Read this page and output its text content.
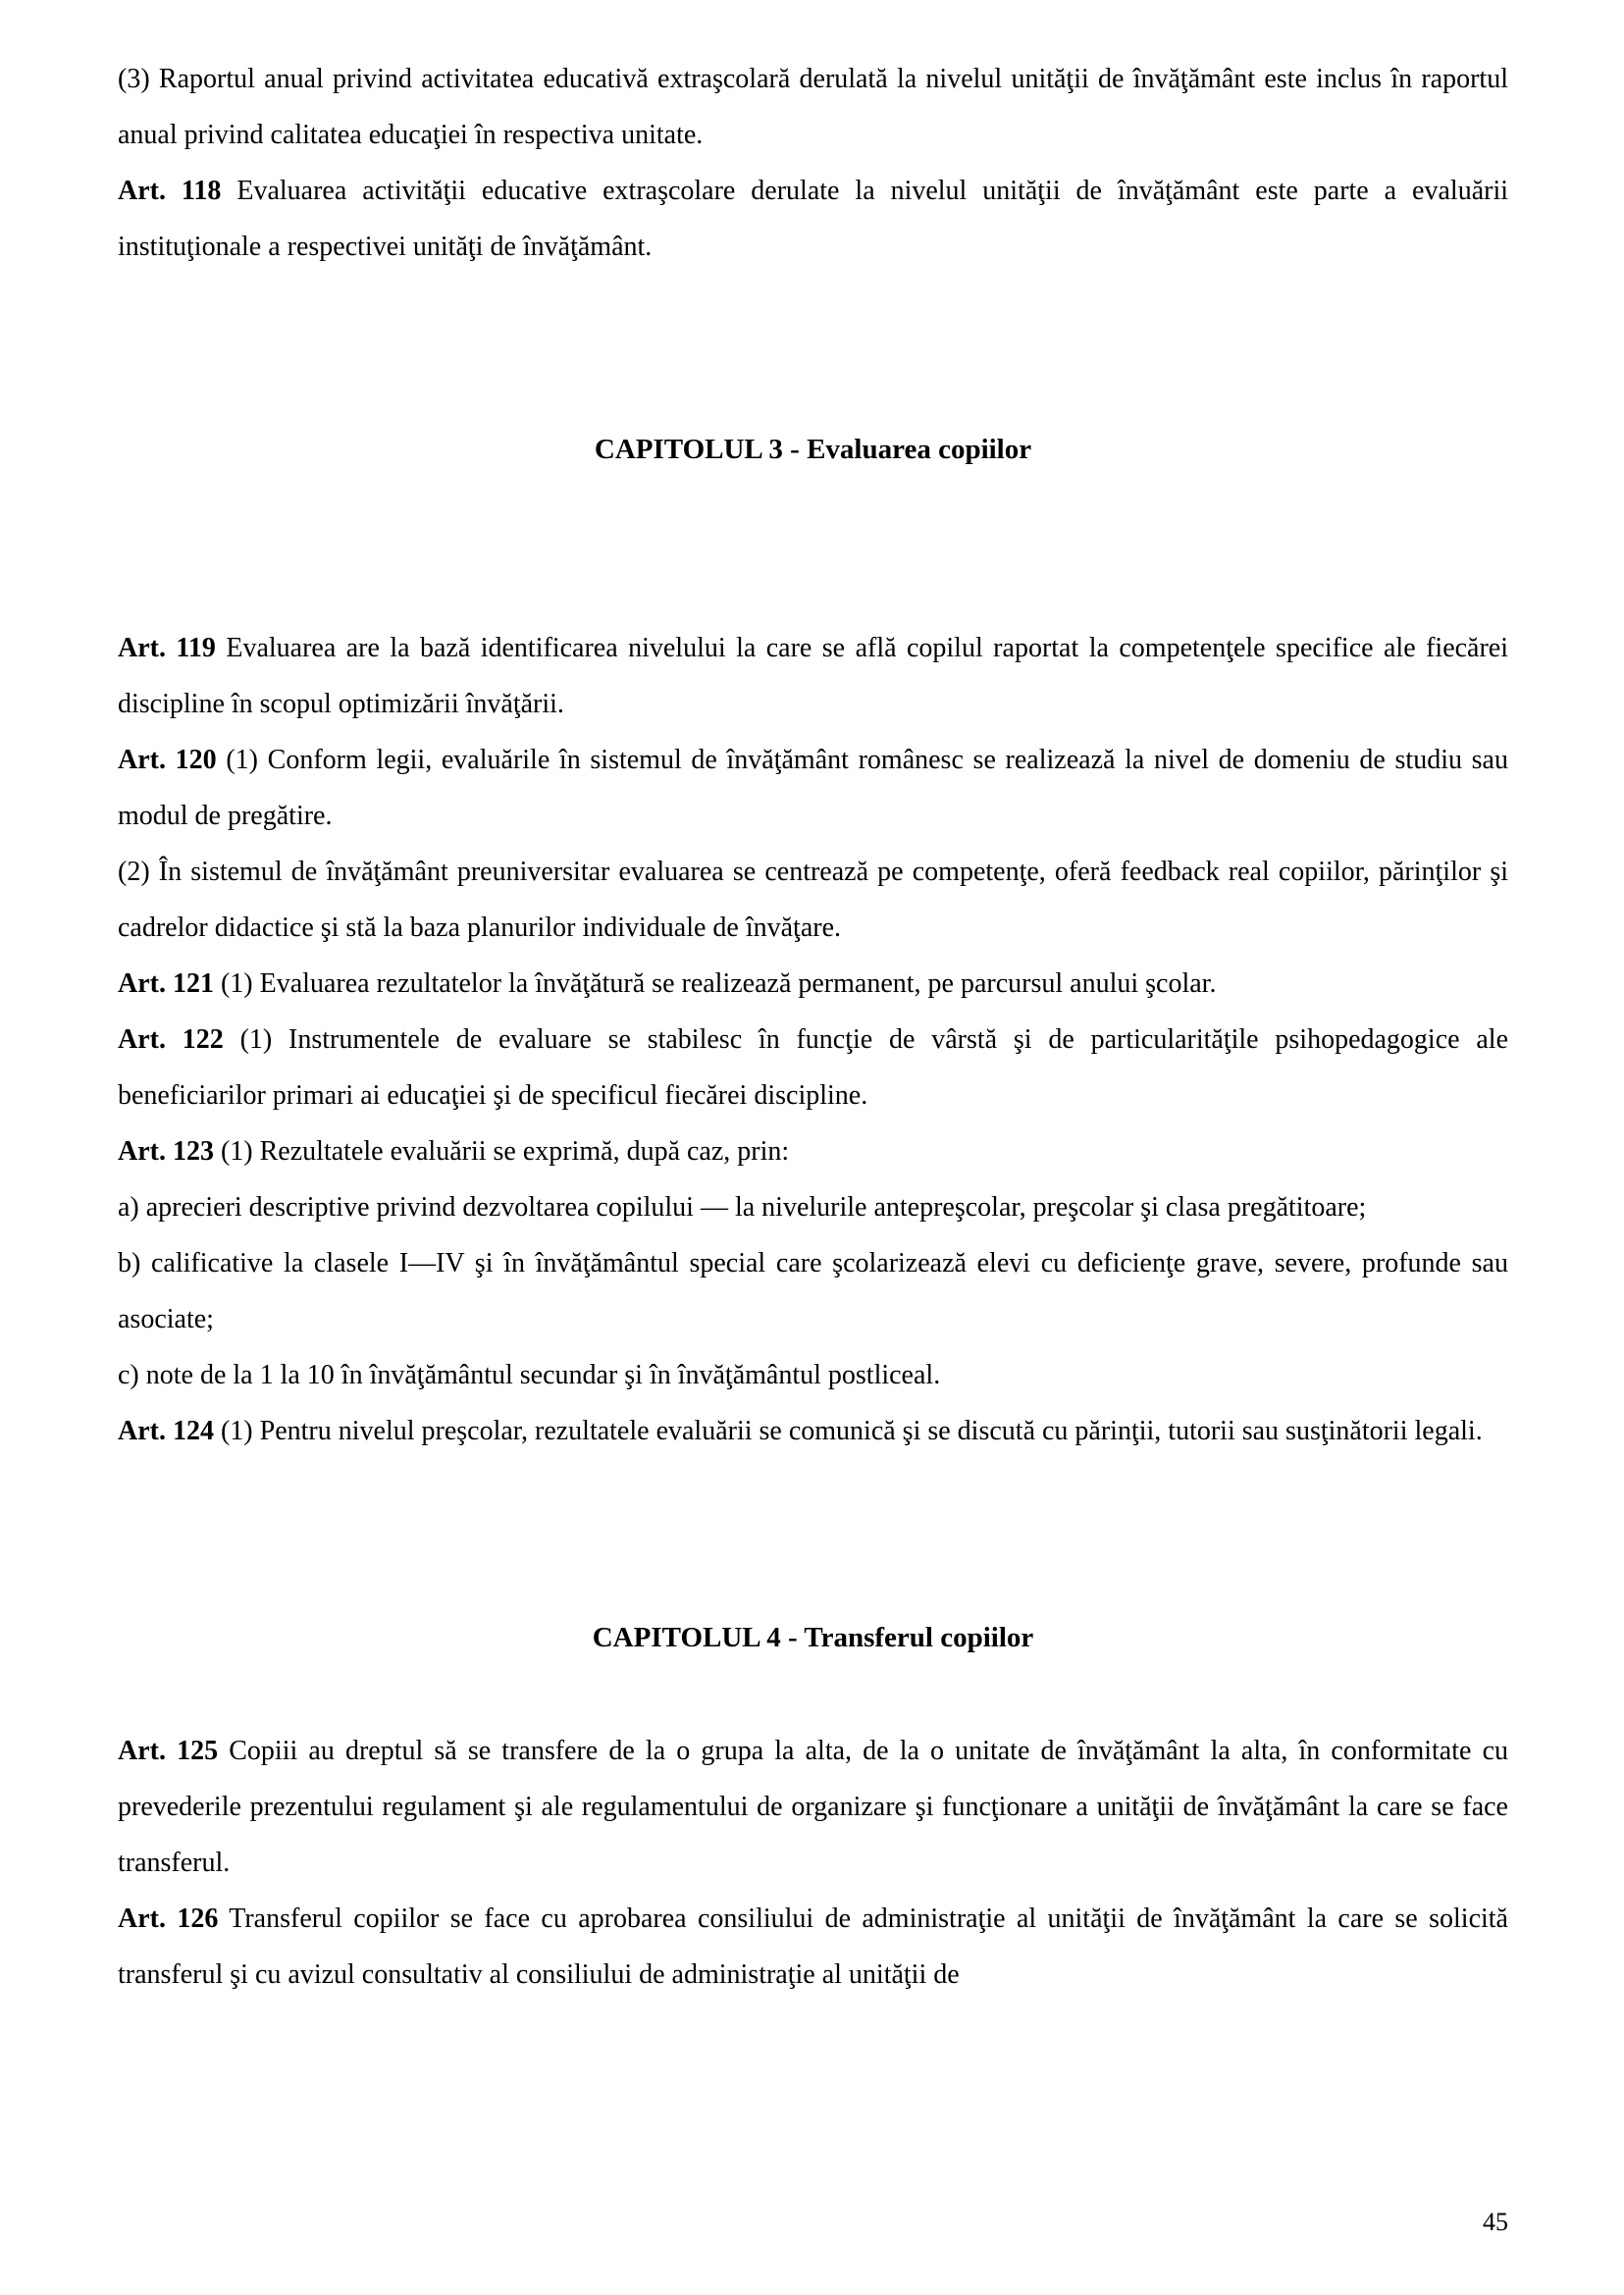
(3) Raportul anual privind activitatea educativă extraşcolară derulată la nivelul unităţii de învăţământ este inclus în raportul anual privind calitatea educaţiei în respectiva unitate.

Art. 118 Evaluarea activităţii educative extraşcolare derulate la nivelul unităţii de învăţământ este parte a evaluării instituţionale a respectivei unităţi de învăţământ.

CAPITOLUL 3 - Evaluarea copiilor

Art. 119 Evaluarea are la bază identificarea nivelului la care se află copilul raportat la competenţele specifice ale fiecărei discipline în scopul optimizării învăţării.

Art. 120 (1) Conform legii, evaluările în sistemul de învăţământ românesc se realizează la nivel de domeniu de studiu sau modul de pregătire.

(2) În sistemul de învăţământ preuniversitar evaluarea se centrează pe competenţe, oferă feedback real copiilor, părinţilor şi cadrelor didactice şi stă la baza planurilor individuale de învăţare.

Art. 121 (1) Evaluarea rezultatelor la învăţătură se realizează permanent, pe parcursul anului şcolar.

Art. 122 (1) Instrumentele de evaluare se stabilesc în funcţie de vârstă şi de particularităţile psihopedagogice ale beneficiarilor primari ai educaţiei şi de specificul fiecărei discipline.

Art. 123 (1) Rezultatele evaluării se exprimă, după caz, prin:

a) aprecieri descriptive privind dezvoltarea copilului — la nivelurile antepreşcolar, preşcolar şi clasa pregătitoare;

b) calificative la clasele I—IV şi în învăţământul special care şcolarizează elevi cu deficienţe grave, severe, profunde sau asociate;

c) note de la 1 la 10 în învăţământul secundar şi în învăţământul postliceal.

Art. 124 (1) Pentru nivelul preşcolar, rezultatele evaluării se comunică şi se discută cu părinţii, tutorii sau susţinătorii legali.

CAPITOLUL 4 - Transferul copiilor

Art. 125 Copiii au dreptul să se transfere de la o grupa la alta, de la o unitate de învăţământ la alta, în conformitate cu prevederile prezentului regulament şi ale regulamentului de organizare şi funcţionare a unităţii de învăţământ la care se face transferul.

Art. 126 Transferul copiilor se face cu aprobarea consiliului de administraţie al unităţii de învăţământ la care se solicită transferul şi cu avizul consultativ al consiliului de administraţie al unităţii de

45
